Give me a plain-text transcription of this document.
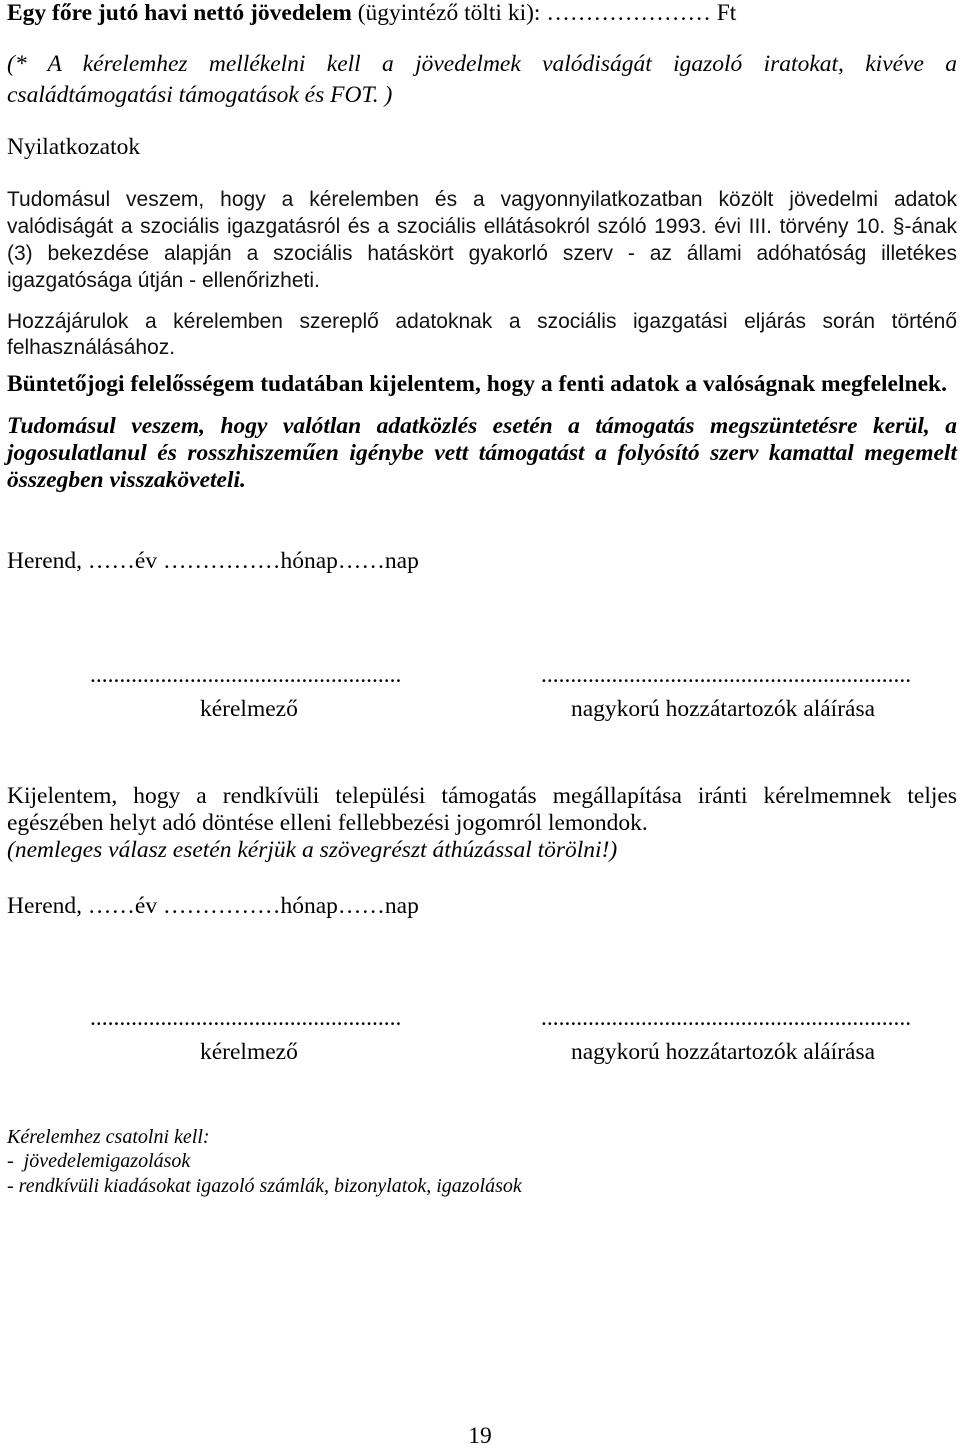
Egy főre jutó havi nettó jövedelem (ügyintéző tölti ki): ………………… Ft
(* A kérelemhez mellékelni kell a jövedelmek valódiságát igazoló iratokat, kivéve a
családtámogatási támogatások és FOT. )
Nyilatkozatok
Tudomásul veszem, hogy a kérelemben és a vagyonnyilatkozatban közölt jövedelmi adatok
valódiságát a szociális igazgatásról és a szociális ellátásokról szóló 1993. évi III. törvény 10. §-ának
(3) bekezdése alapján a szociális hatáskört gyakorló szerv - az állami adóhatóság illetékes
igazgatósága útján - ellenőrizheti.
Hozzájárulok a kérelemben szereplő adatoknak a szociális igazgatási eljárás során történő
felhasználásához.
Büntetőjogi felelősségem tudatában kijelentem, hogy a fenti adatok a valóságnak megfelelnek.
Tudomásul veszem, hogy valótlan adatközlés esetén a támogatás megszüntetésre kerül, a
jogosulatlanul és rosszhiszeműen igénybe vett támogatást a folyósító szerv kamattal megemelt
összegben visszaköveteli.
Herend, ……év ……………hónap……nap
.....................................................	...............................................................
kérelmező	nagykorú hozzátartozók aláírása
Kijelentem, hogy a rendkívüli települési támogatás megállapítása iránti kérelmemnek teljes
egészében helyt adó döntése elleni fellebbezési jogomról lemondok.
(nemleges válasz esetén kérjük a szövegrészt áthúzással törölni!)
Herend, ……év ……………hónap……nap
.....................................................	...............................................................
kérelmező	nagykorú hozzátartozók aláírása
Kérelemhez csatolni kell:
-  jövedelemigazolások
- rendkívüli kiadásokat igazoló számlák, bizonylatok, igazolások
19
